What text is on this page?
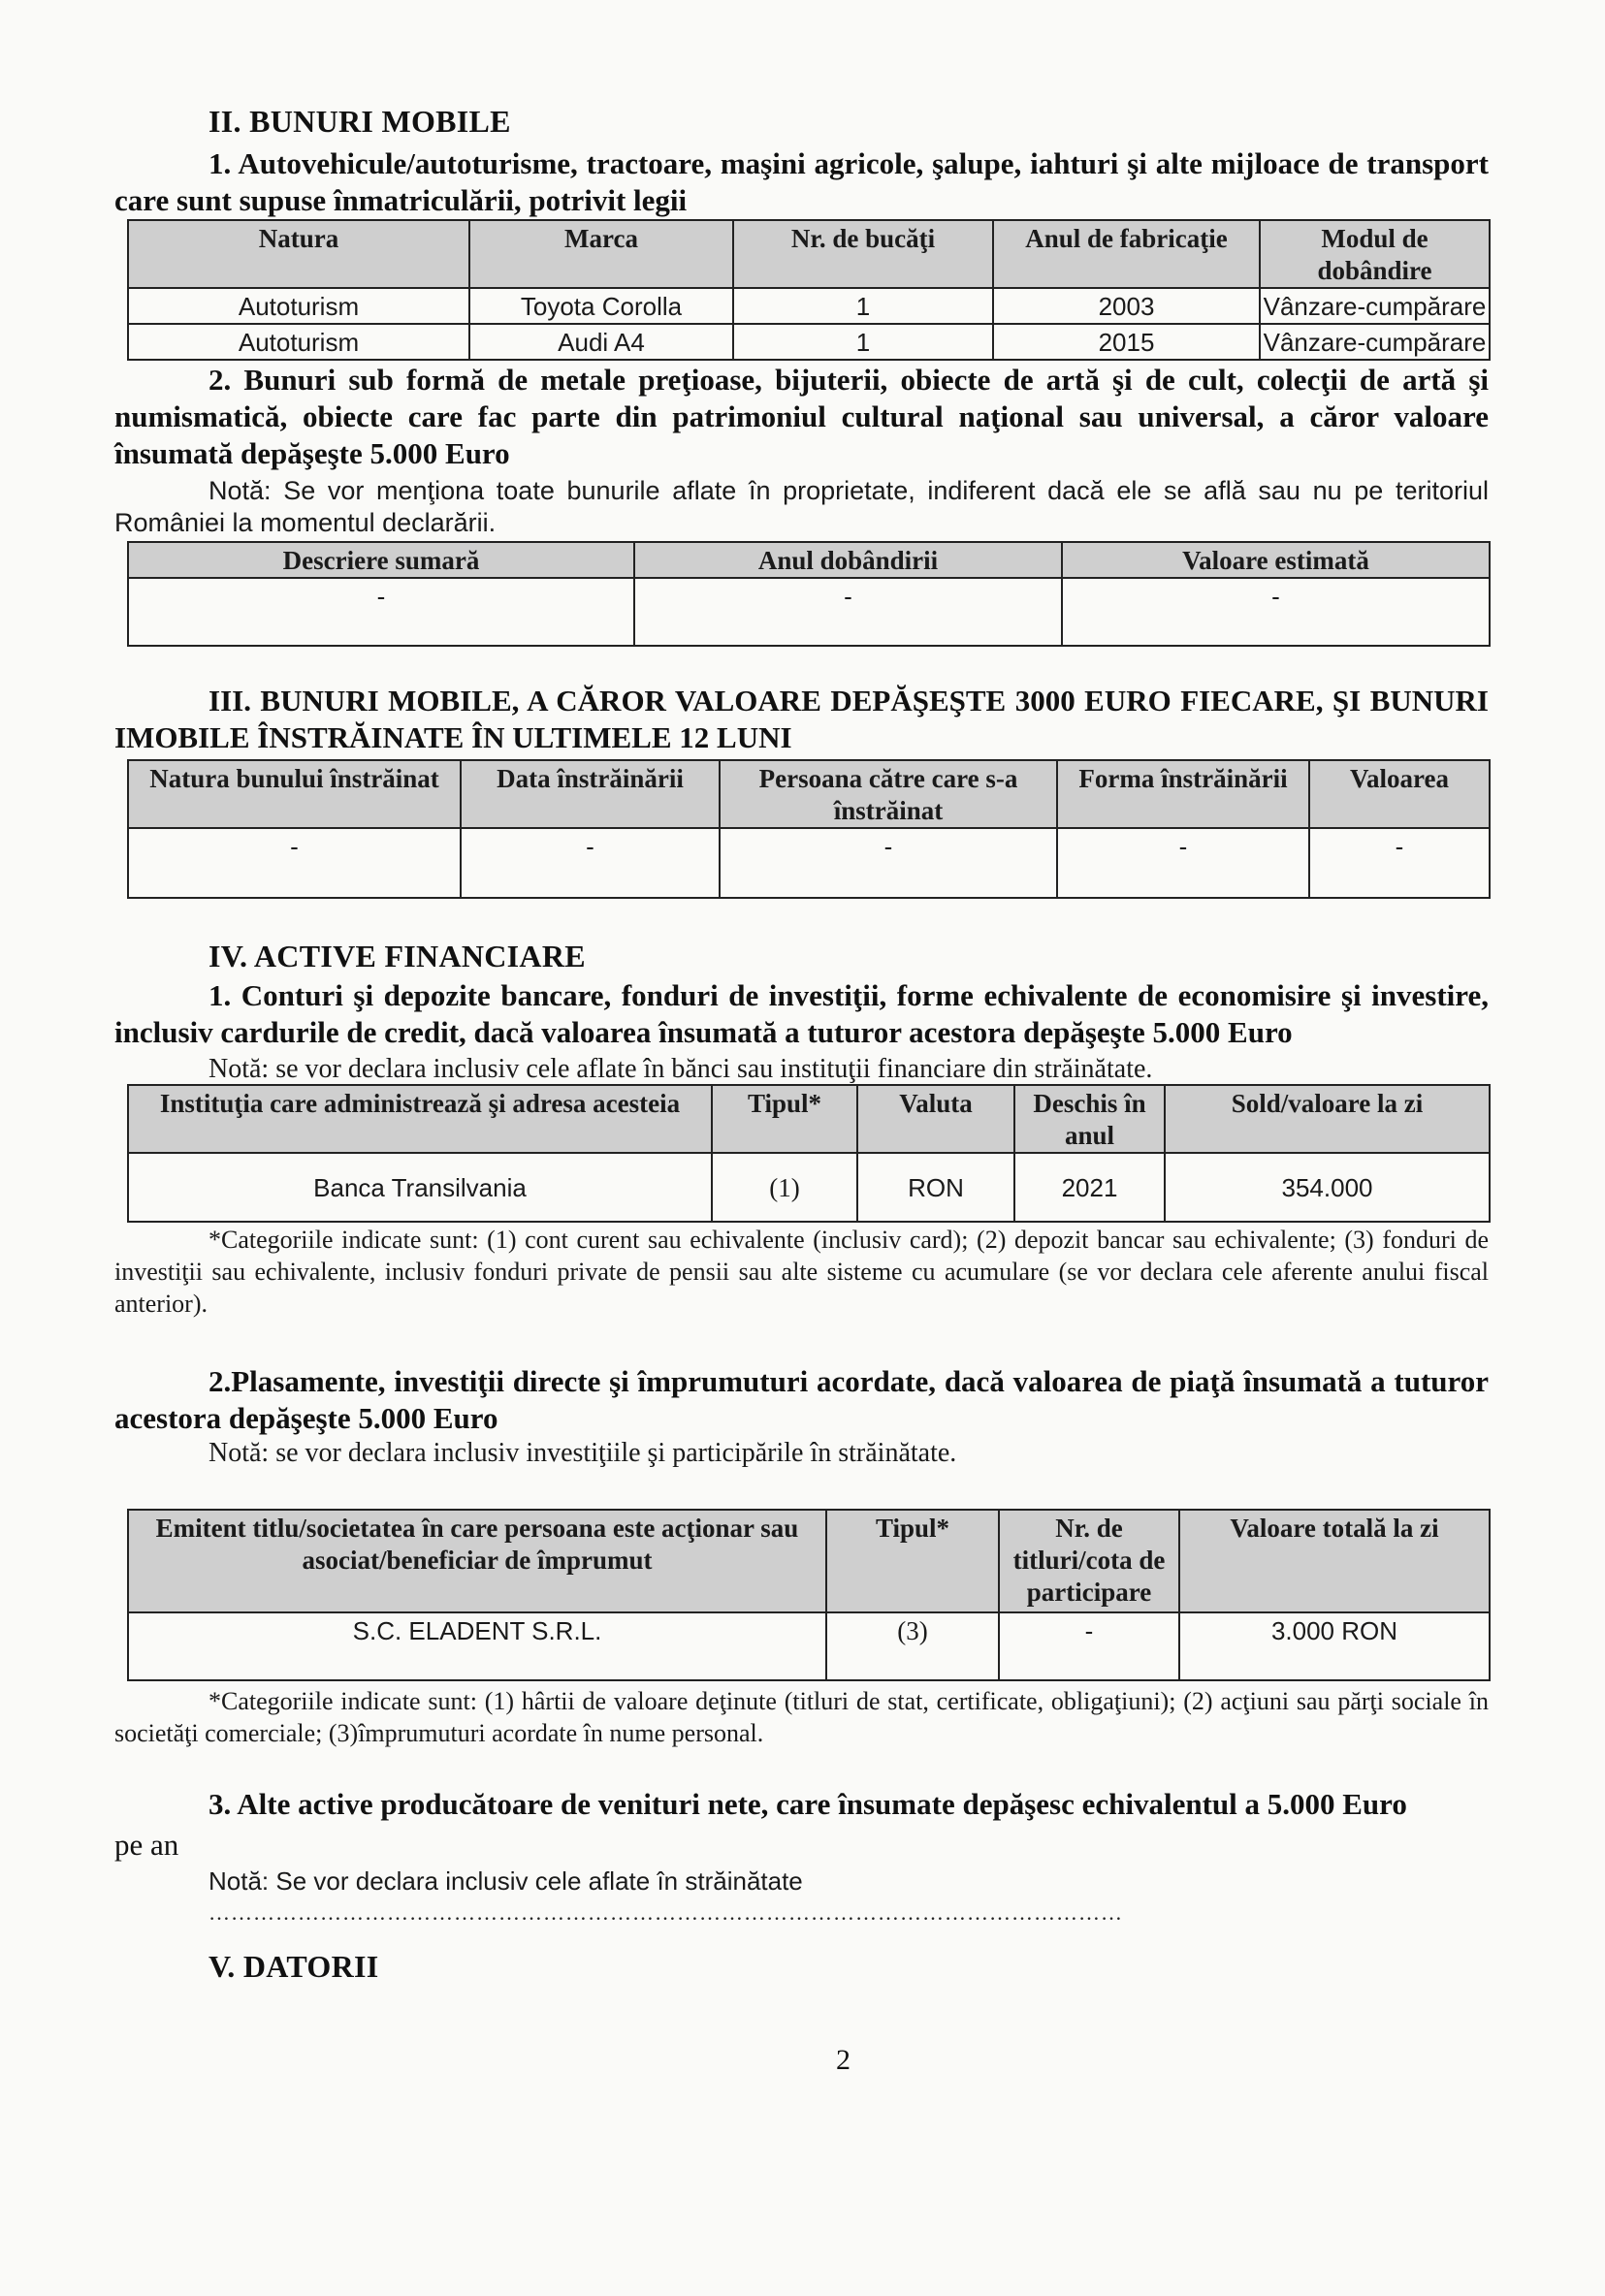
II. BUNURI MOBILE
1. Autovehicule/autoturisme, tractoare, maşini agricole, şalupe, iahturi şi alte mijloace de transport care sunt supuse înmatriculării, potrivit legii
Natura	Marca	Nr. de bucăţi	Anul de fabricaţie	Modul de dobândire
Autoturism	Toyota Corolla	1	2003	Vânzare-cumpărare
Autoturism	Audi A4	1	2015	Vânzare-cumpărare
2. Bunuri sub formă de metale preţioase, bijuterii, obiecte de artă şi de cult, colecţii de artă şi numismatică, obiecte care fac parte din patrimoniul cultural naţional sau universal, a căror valoare însumată depăşeşte 5.000 Euro
Notă: Se vor menţiona toate bunurile aflate în proprietate, indiferent dacă ele se află sau nu pe teritoriul României la momentul declarării.
Descriere sumară	Anul dobândirii	Valoare estimată
-	-	-
III. BUNURI MOBILE, A CĂROR VALOARE DEPĂŞEŞTE 3000 EURO FIECARE, ŞI BUNURI IMOBILE ÎNSTRĂINATE ÎN ULTIMELE 12 LUNI
Natura bunului înstrăinat	Data înstrăinării	Persoana către care s-a înstrăinat	Forma înstrăinării	Valoarea
-	-	-	-	-
IV. ACTIVE FINANCIARE
1. Conturi şi depozite bancare, fonduri de investiţii, forme echivalente de economisire şi investire, inclusiv cardurile de credit, dacă valoarea însumată a tuturor acestora depăşeşte 5.000 Euro
Notă: se vor declara inclusiv cele aflate în bănci sau instituţii financiare din străinătate.
Instituţia care administrează şi adresa acesteia	Tipul*	Valuta	Deschis în anul	Sold/valoare la zi
Banca Transilvania	(1)	RON	2021	354.000
*Categoriile indicate sunt: (1) cont curent sau echivalente (inclusiv card); (2) depozit bancar sau echivalente; (3) fonduri de investiţii sau echivalente, inclusiv fonduri private de pensii sau alte sisteme cu acumulare (se vor declara cele aferente anului fiscal anterior).
2.Plasamente, investiţii directe şi împrumuturi acordate, dacă valoarea de piaţă însumată a tuturor acestora depăşeşte 5.000 Euro
Notă: se vor declara inclusiv investiţiile şi participările în străinătate.
Emitent titlu/societatea în care persoana este acţionar sau asociat/beneficiar de împrumut	Tipul*	Nr. de titluri/cota de participare	Valoare totală la zi
S.C. ELADENT S.R.L.	(3)	-	3.000 RON
*Categoriile indicate sunt: (1) hârtii de valoare deţinute (titluri de stat, certificate, obligaţiuni); (2) acţiuni sau părţi sociale în societăţi comerciale; (3)împrumuturi acordate în nume personal.
3. Alte active producătoare de venituri nete, care însumate depăşesc echivalentul a 5.000 Euro
pe an
Notă: Se vor declara inclusiv cele aflate în străinătate
……………………………………………………………………………………………………………
V. DATORII
2
